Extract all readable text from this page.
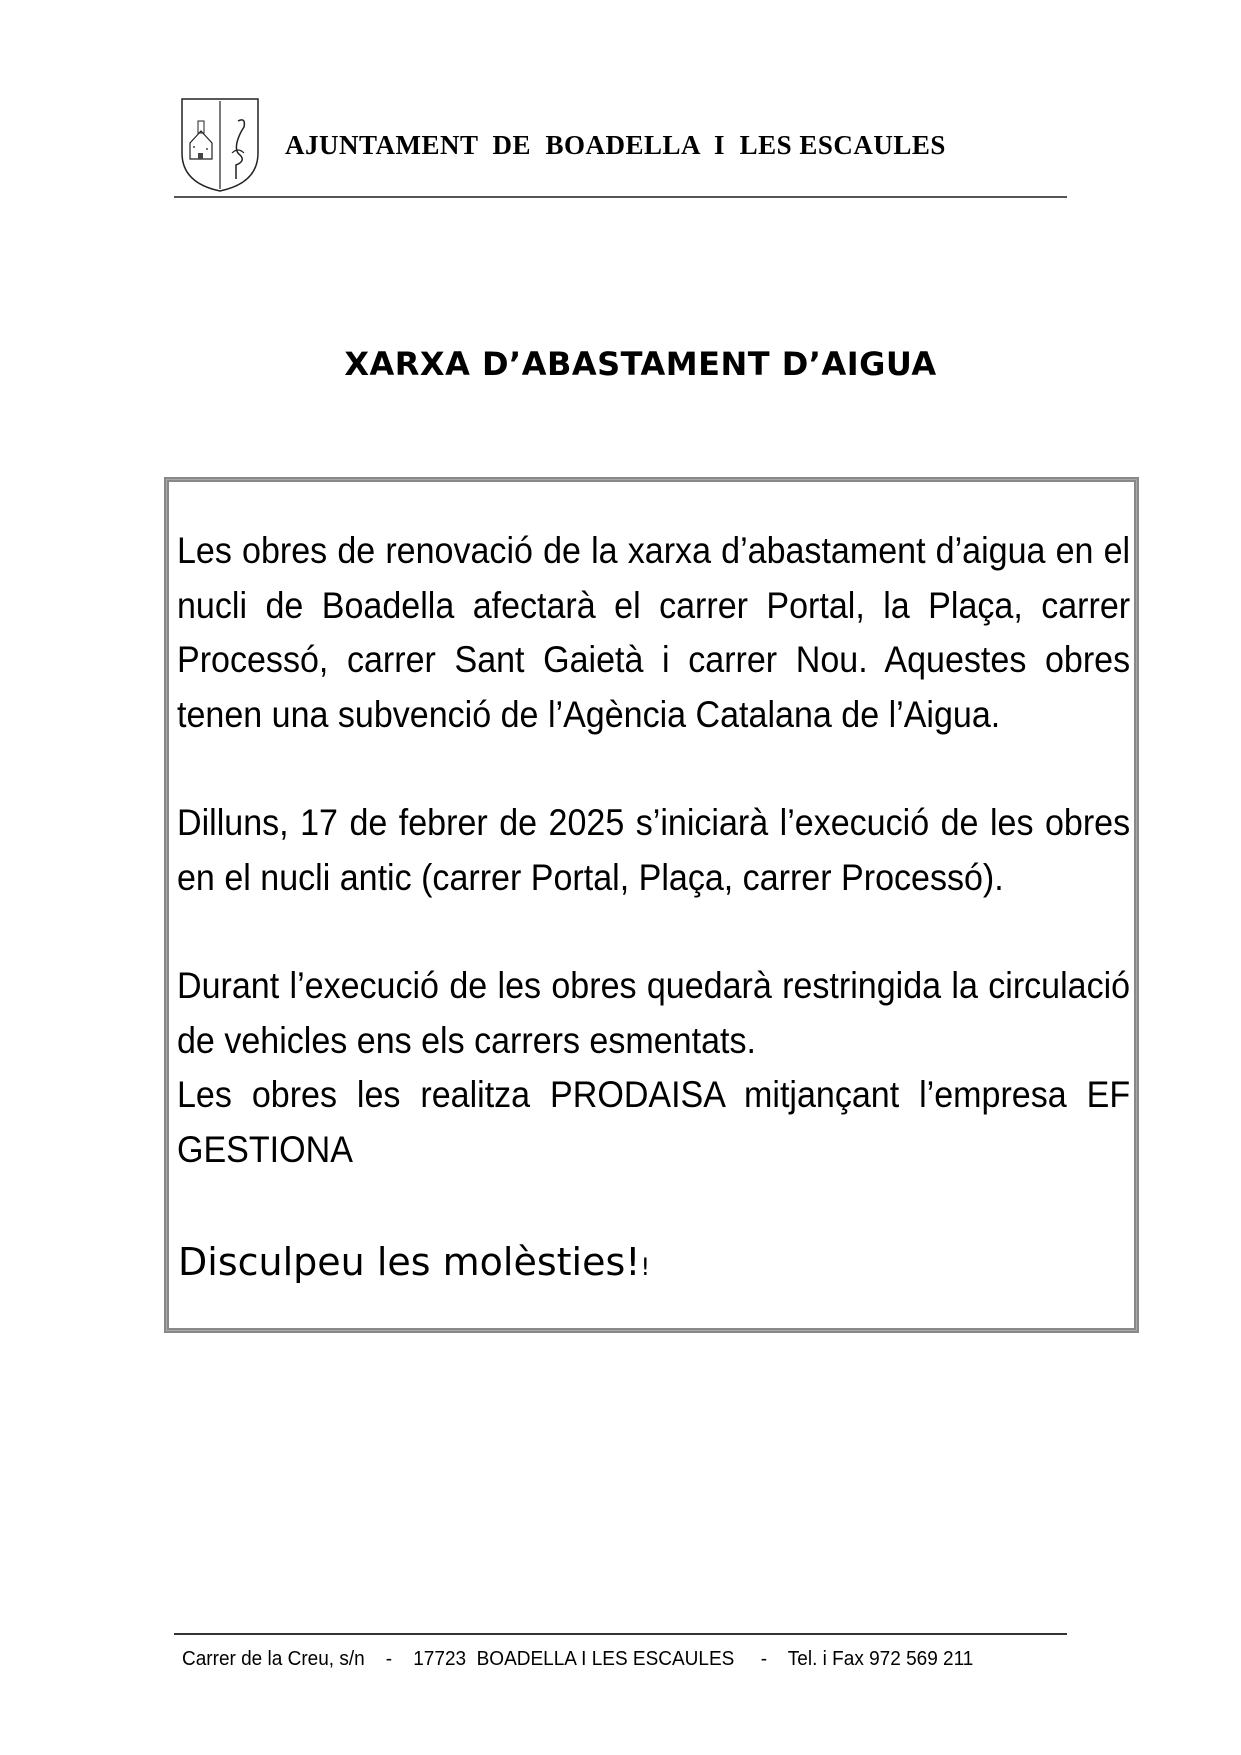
AJUNTAMENT  DE  BOADELLA  I  LES ESCAULES
XARXA D’ABASTAMENT D’AIGUA

Les obres de renovació de la xarxa d’abastament d’aigua en el nucli de Boadella afectarà el carrer Portal, la Plaça, carrer Processó, carrer Sant Gaietà i carrer Nou. Aquestes obres tenen una subvenció de l’Agència Catalana de l’Aigua.

Dilluns, 17 de febrer de 2025 s’iniciarà l’execució de les obres en el nucli antic (carrer Portal, Plaça, carrer Processó).

Durant l’execució de les obres quedarà restringida la circulació de vehicles ens els carrers esmentats.

Les obres les realitza PRODAISA mitjançant l’empresa EF GESTIONA

Disculpeu les molèsties!!
Carrer de la Creu, s/n    -    17723  BOADELLA I LES ESCAULES     -    Tel. i Fax 972 569 211
